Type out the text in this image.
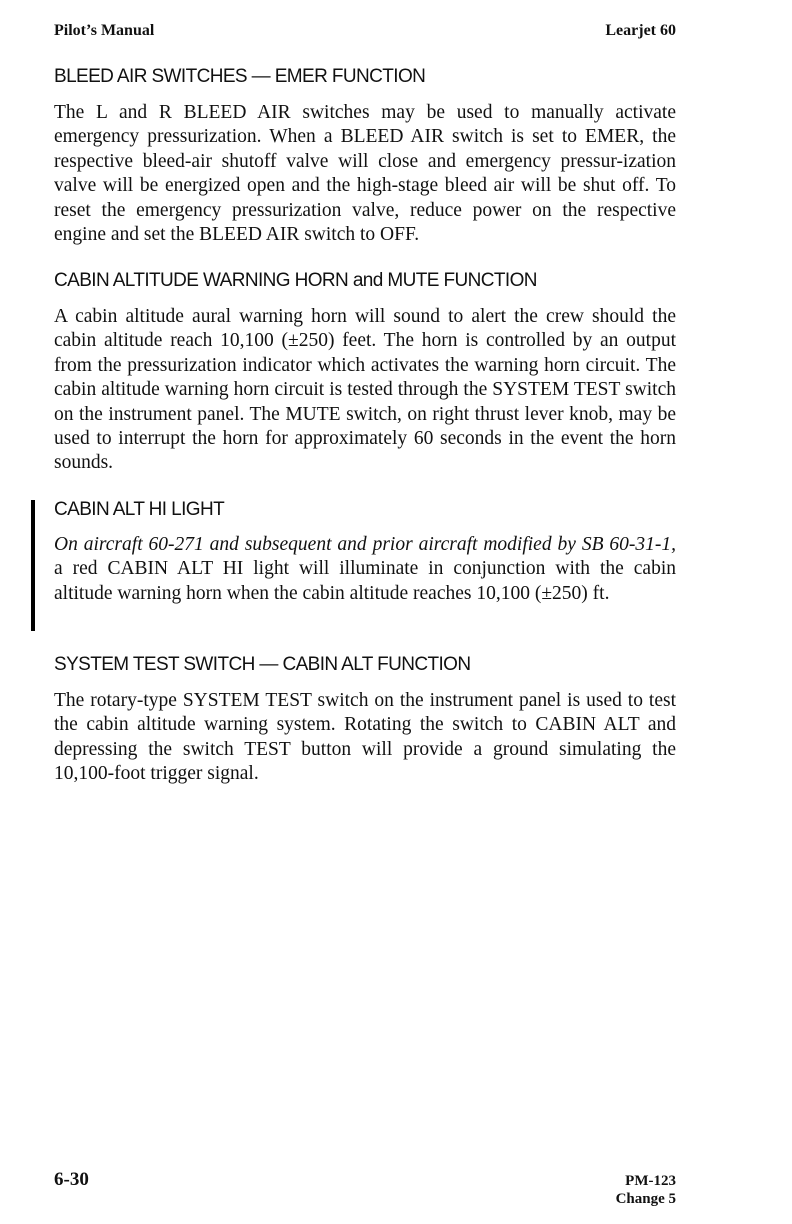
Pilot’s Manual	Learjet 60
BLEED AIR SWITCHES — EMER FUNCTION
The L and R BLEED AIR switches may be used to manually activate emergency pressurization. When a BLEED AIR switch is set to EMER, the respective bleed-air shutoff valve will close and emergency pressur-ization valve will be energized open and the high-stage bleed air will be shut off. To reset the emergency pressurization valve, reduce power on the respective engine and set the BLEED AIR switch to OFF.
CABIN ALTITUDE WARNING HORN and MUTE FUNCTION
A cabin altitude aural warning horn will sound to alert the crew should the cabin altitude reach 10,100 (±250) feet. The horn is controlled by an output from the pressurization indicator which activates the warning horn circuit. The cabin altitude warning horn circuit is tested through the SYSTEM TEST switch on the instrument panel. The MUTE switch, on right thrust lever knob, may be used to interrupt the horn for approximately 60 seconds in the event the horn sounds.
CABIN ALT HI LIGHT
On aircraft 60-271 and subsequent and prior aircraft modified by SB 60-31-1, a red CABIN ALT HI light will illuminate in conjunction with the cabin altitude warning horn when the cabin altitude reaches 10,100 (±250) ft.
SYSTEM TEST SWITCH — CABIN ALT FUNCTION
The rotary-type SYSTEM TEST switch on the instrument panel is used to test the cabin altitude warning system. Rotating the switch to CABIN ALT and depressing the switch TEST button will provide a ground simulating the 10,100-foot trigger signal.
6-30	PM-123
Change 5
